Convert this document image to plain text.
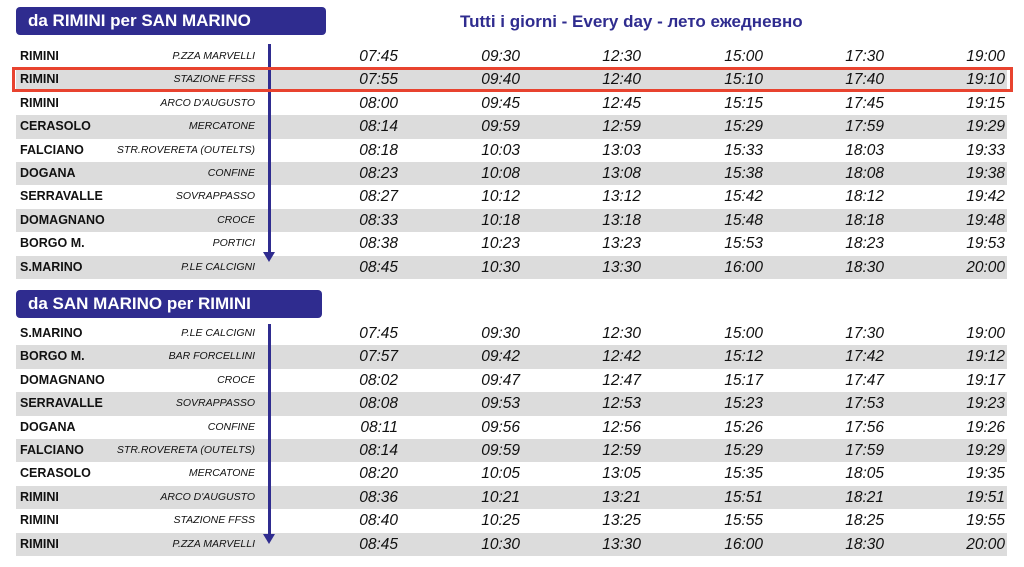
da RIMINI per SAN MARINO	Tutti i giorni - Every day - лето ежедневно
RIMINI	P.ZZA MARVELLI	07:45	09:30	12:30	15:00	17:30	19:00
RIMINI	STAZIONE FFSS	07:55	09:40	12:40	15:10	17:40	19:10
RIMINI	ARCO D'AUGUSTO	08:00	09:45	12:45	15:15	17:45	19:15
CERASOLO	MERCATONE	08:14	09:59	12:59	15:29	17:59	19:29
FALCIANO	STR.ROVERETA (OUTELTS)	08:18	10:03	13:03	15:33	18:03	19:33
DOGANA	CONFINE	08:23	10:08	13:08	15:38	18:08	19:38
SERRAVALLE	SOVRAPPASSO	08:27	10:12	13:12	15:42	18:12	19:42
DOMAGNANO	CROCE	08:33	10:18	13:18	15:48	18:18	19:48
BORGO M.	PORTICI	08:38	10:23	13:23	15:53	18:23	19:53
S.MARINO	P.LE CALCIGNI	08:45	10:30	13:30	16:00	18:30	20:00
da SAN MARINO per RIMINI
S.MARINO	P.LE CALCIGNI	07:45	09:30	12:30	15:00	17:30	19:00
BORGO M.	BAR FORCELLINI	07:57	09:42	12:42	15:12	17:42	19:12
DOMAGNANO	CROCE	08:02	09:47	12:47	15:17	17:47	19:17
SERRAVALLE	SOVRAPPASSO	08:08	09:53	12:53	15:23	17:53	19:23
DOGANA	CONFINE	08:11	09:56	12:56	15:26	17:56	19:26
FALCIANO	STR.ROVERETA (OUTELTS)	08:14	09:59	12:59	15:29	17:59	19:29
CERASOLO	MERCATONE	08:20	10:05	13:05	15:35	18:05	19:35
RIMINI	ARCO D'AUGUSTO	08:36	10:21	13:21	15:51	18:21	19:51
RIMINI	STAZIONE FFSS	08:40	10:25	13:25	15:55	18:25	19:55
RIMINI	P.ZZA MARVELLI	08:45	10:30	13:30	16:00	18:30	20:00
